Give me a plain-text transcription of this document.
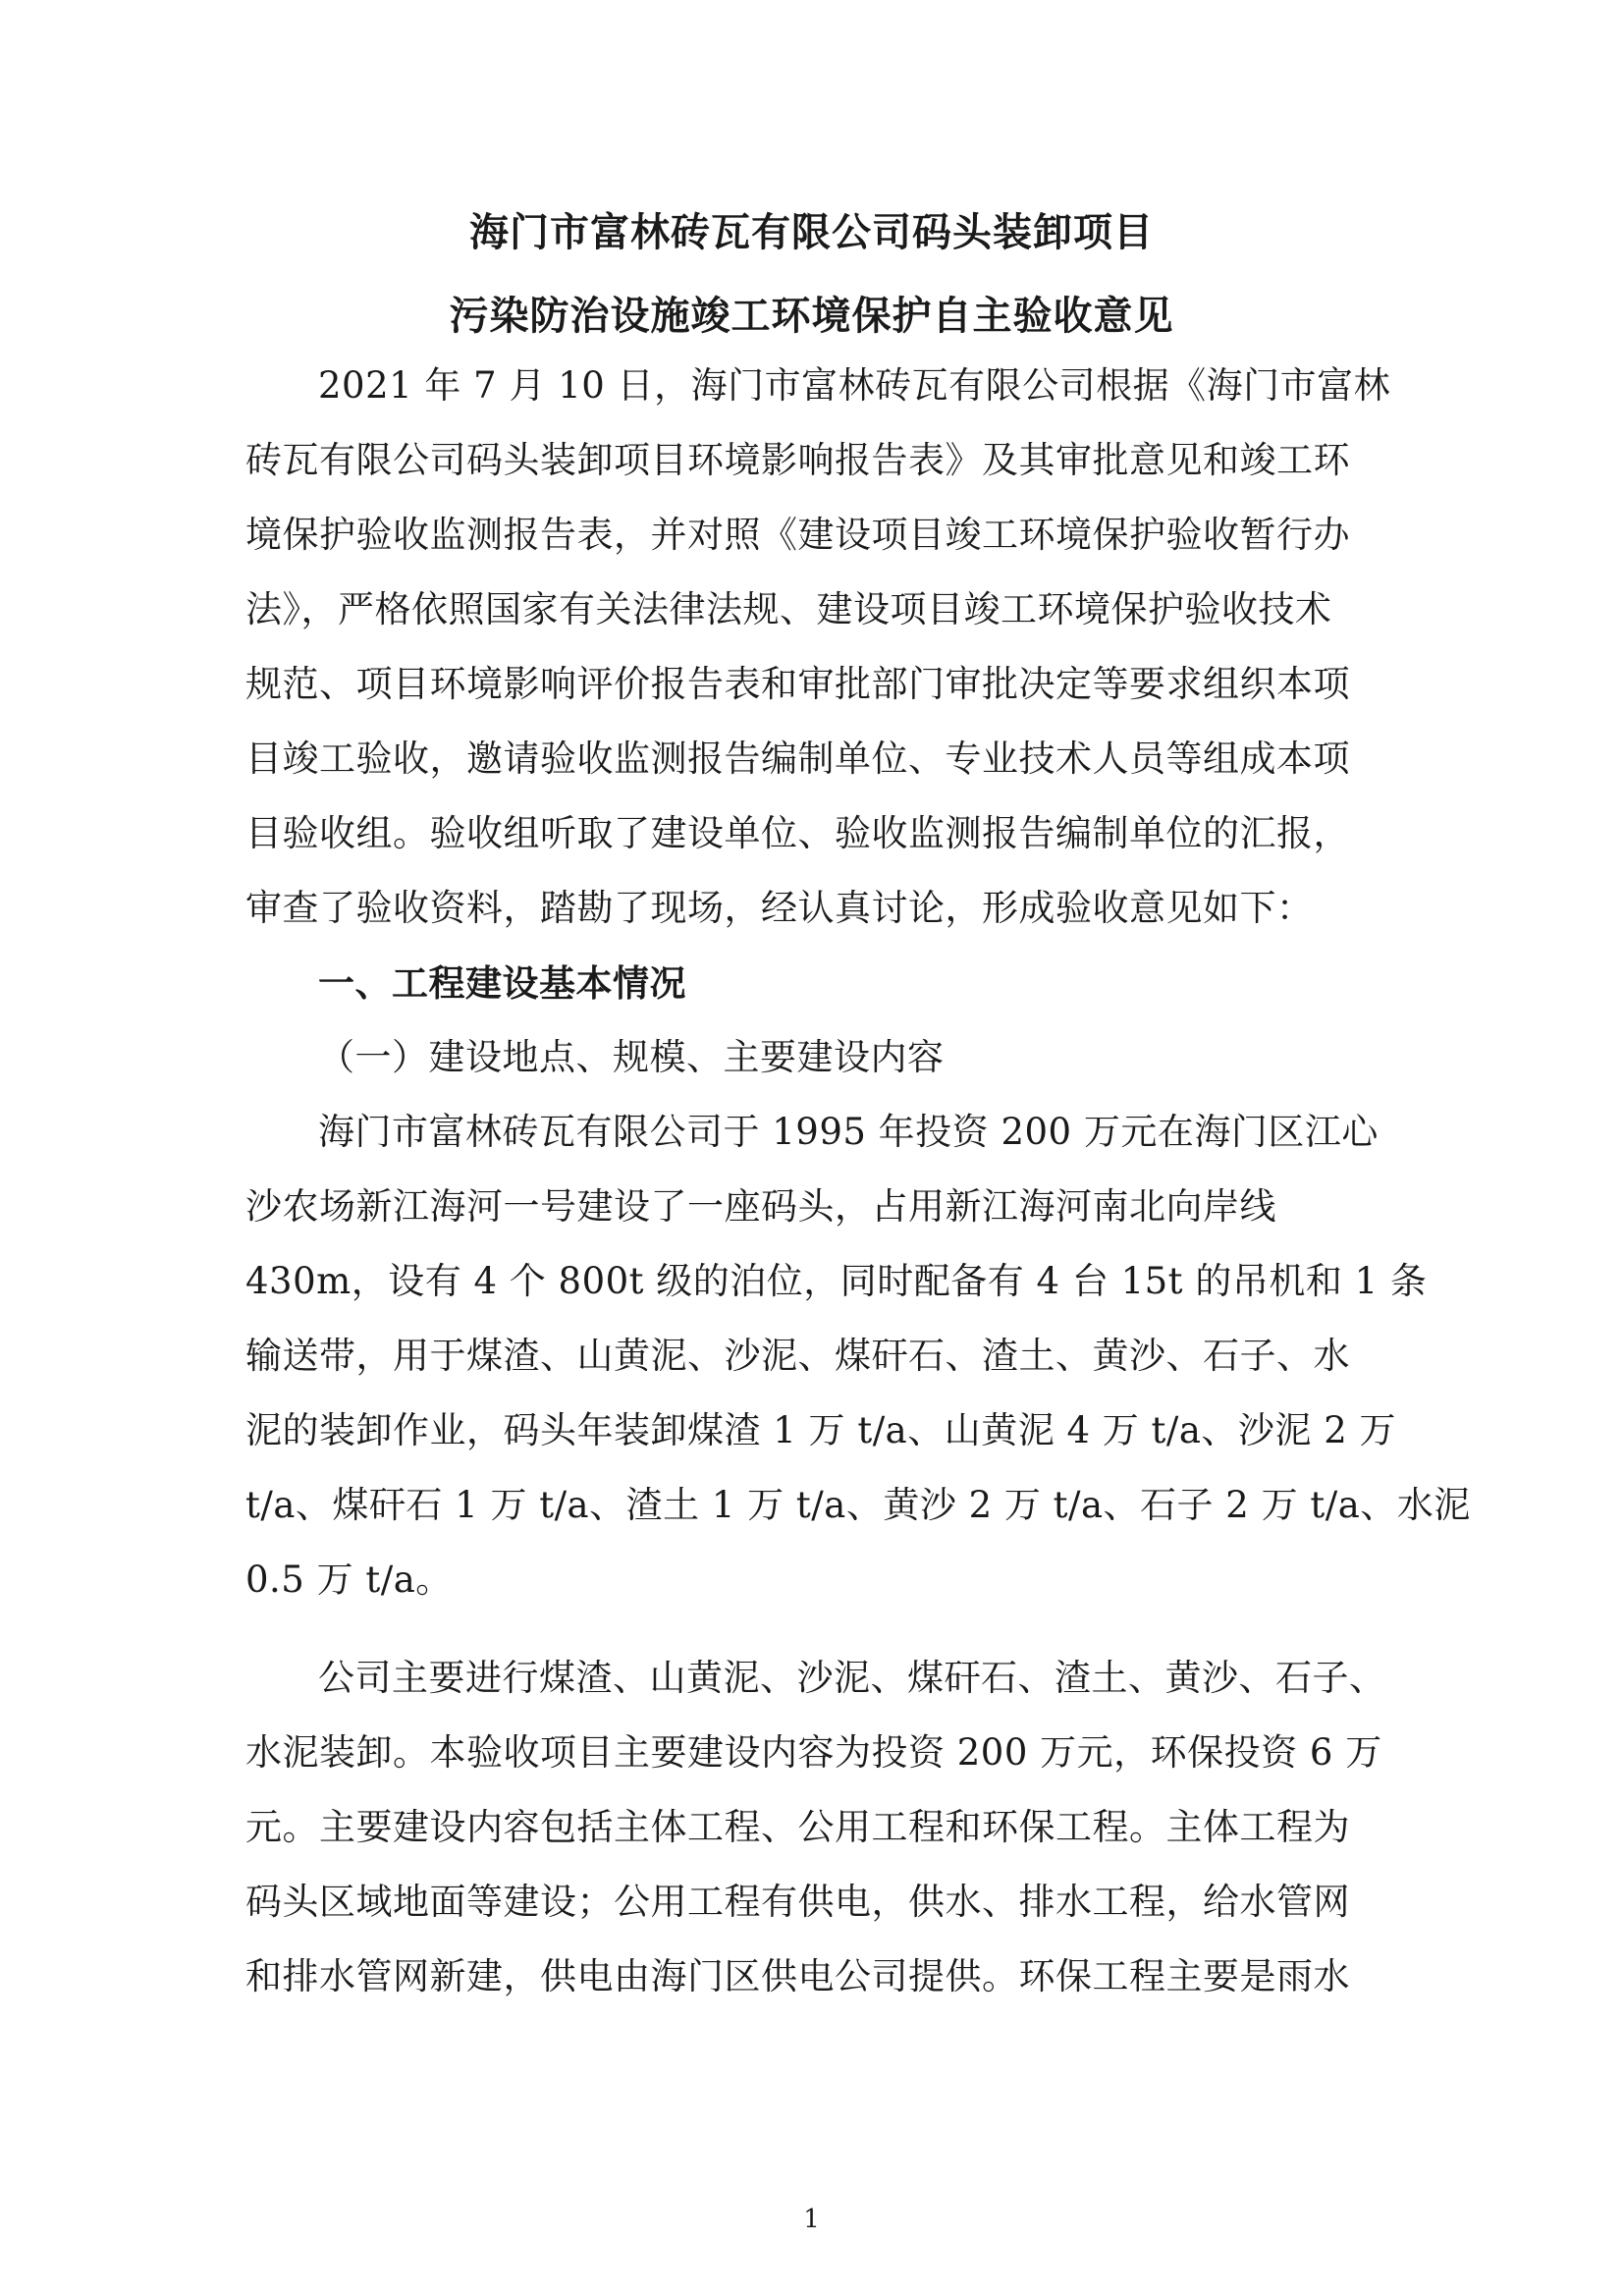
海门市富林砖瓦有限公司码头装卸项目
污染防治设施竣工环境保护自主验收意见
2021 年 7 月 10 日，海门市富林砖瓦有限公司根据《海门市富林
砖瓦有限公司码头装卸项目环境影响报告表》及其审批意见和竣工环
境保护验收监测报告表，并对照《建设项目竣工环境保护验收暂行办
法》，严格依照国家有关法律法规、建设项目竣工环境保护验收技术
规范、项目环境影响评价报告表和审批部门审批决定等要求组织本项
目竣工验收，邀请验收监测报告编制单位、专业技术人员等组成本项
目验收组。验收组听取了建设单位、验收监测报告编制单位的汇报，
审查了验收资料，踏勘了现场，经认真讨论，形成验收意见如下：
一、工程建设基本情况
（一）建设地点、规模、主要建设内容
海门市富林砖瓦有限公司于 1995 年投资 200 万元在海门区江心
沙农场新江海河一号建设了一座码头，占用新江海河南北向岸线
430m，设有 4 个 800t 级的泊位，同时配备有 4 台 15t 的吊机和 1 条
输送带，用于煤渣、山黄泥、沙泥、煤矸石、渣土、黄沙、石子、水
泥的装卸作业，码头年装卸煤渣 1 万 t/a、山黄泥 4 万 t/a、沙泥 2 万
t/a、煤矸石 1 万 t/a、渣土 1 万 t/a、黄沙 2 万 t/a、石子 2 万 t/a、水泥
0.5 万 t/a。
公司主要进行煤渣、山黄泥、沙泥、煤矸石、渣土、黄沙、石子、
水泥装卸。本验收项目主要建设内容为投资 200 万元，环保投资 6 万
元。主要建设内容包括主体工程、公用工程和环保工程。主体工程为
码头区域地面等建设；公用工程有供电，供水、排水工程，给水管网
和排水管网新建，供电由海门区供电公司提供。环保工程主要是雨水
1
